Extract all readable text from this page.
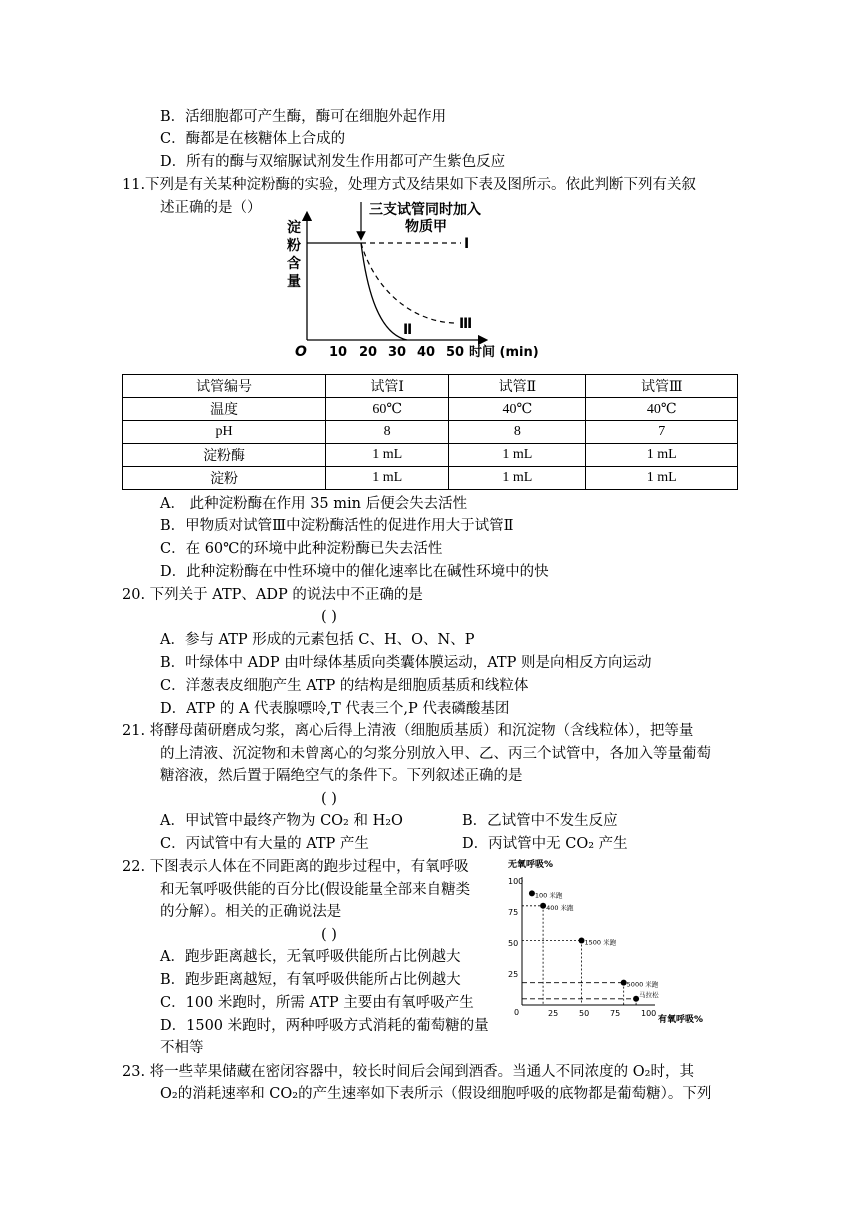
B．活细胞都可产生酶，酶可在细胞外起作用
C．酶都是在核糖体上合成的
D．所有的酶与双缩脲试剂发生作用都可产生紫色反应
11.下列是有关某种淀粉酶的实验，处理方式及结果如下表及图所示。依此判断下列有关叙
述正确的是（）
淀
粉
含
量
三支试管同时加入
物质甲
Ⅰ
Ⅱ	Ⅲ
O 10 20 30 40 50 时间 (min)
试管编号	试管Ⅰ	试管Ⅱ	试管Ⅲ
温度	60℃	40℃	40℃
pH	8	8	7
淀粉酶	1 mL	1 mL	1 mL
淀粉	1 mL	1 mL	1 mL
A． 此种淀粉酶在作用 35 min 后便会失去活性
B．甲物质对试管Ⅲ中淀粉酶活性的促进作用大于试管Ⅱ
C．在 60℃的环境中此种淀粉酶已失去活性
D．此种淀粉酶在中性环境中的催化速率比在碱性环境中的快
20. 下列关于 ATP、ADP 的说法中不正确的是
( )
A．参与 ATP 形成的元素包括 C、H、O、N、P
B．叶绿体中 ADP 由叶绿体基质向类囊体膜运动，ATP 则是向相反方向运动
C．洋葱表皮细胞产生 ATP 的结构是细胞质基质和线粒体
D．ATP 的 A 代表腺嘌呤,T 代表三个,P 代表磷酸基团
21. 将酵母菌研磨成匀浆，离心后得上清液（细胞质基质）和沉淀物（含线粒体），把等量
的上清液、沉淀物和未曾离心的匀浆分别放入甲、乙、丙三个试管中，各加入等量葡萄
糖溶液，然后置于隔绝空气的条件下。下列叙述正确的是
( )
A．甲试管中最终产物为 CO₂ 和 H₂O	B．乙试管中不发生反应
C．丙试管中有大量的 ATP 产生	D．丙试管中无 CO₂ 产生
22. 下图表示人体在不同距离的跑步过程中，有氧呼吸
和无氧呼吸供能的百分比(假设能量全部来自糖类
的分解）。相关的正确说法是
( )
A．跑步距离越长，无氧呼吸供能所占比例越大
B．跑步距离越短，有氧呼吸供能所占比例越大
C．100 米跑时，所需 ATP 主要由有氧呼吸产生
D．1500 米跑时，两种呼吸方式消耗的葡萄糖的量
不相等
无氧呼吸%
有氧呼吸%
25	50	75	100
25
50
75
100
0
100 米跑
400 米跑
1500 米跑
5000 米跑
马拉松
23. 将一些苹果储藏在密闭容器中，较长时间后会闻到酒香。当通人不同浓度的 O₂时，其
O₂的消耗速率和 CO₂的产生速率如下表所示（假设细胞呼吸的底物都是葡萄糖）。下列
